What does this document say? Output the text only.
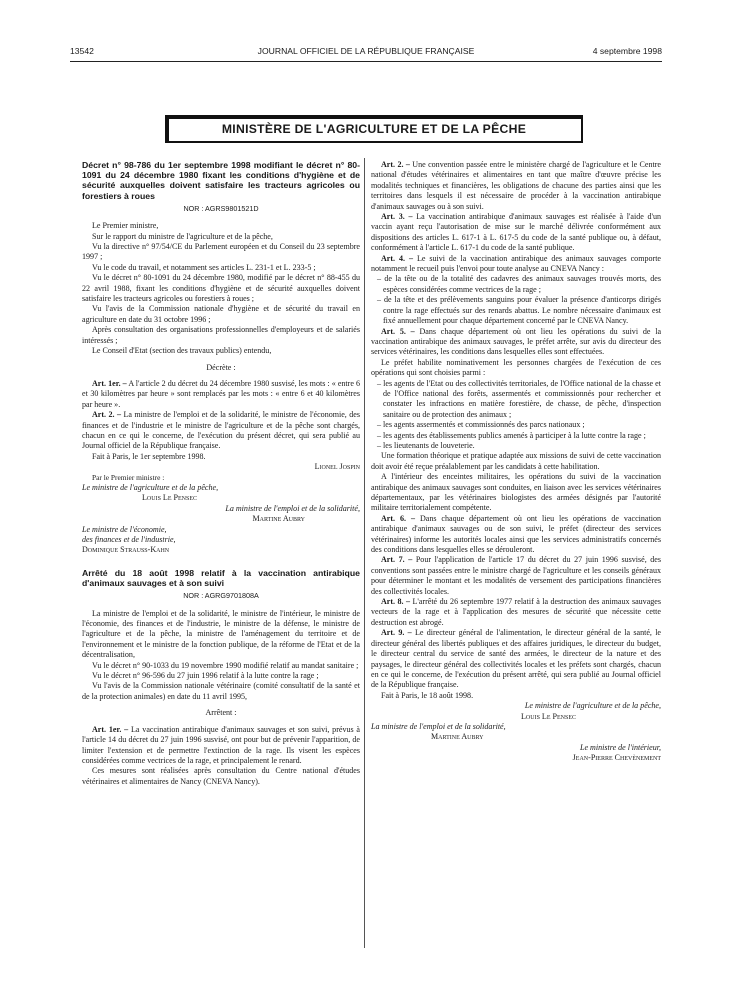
13542	JOURNAL OFFICIEL DE LA RÉPUBLIQUE FRANÇAISE	4 septembre 1998
MINISTÈRE DE L'AGRICULTURE ET DE LA PÊCHE

Décret n° 98-786 du 1er septembre 1998 modifiant le décret n° 80-1091 du 24 décembre 1980 fixant les conditions d'hygiène et de sécurité auxquelles doivent satisfaire les tracteurs agricoles ou forestiers à roues

NOR : AGRS9801521D

Le Premier ministre,

Sur le rapport du ministre de l'agriculture et de la pêche,

Vu la directive n° 97/54/CE du Parlement européen et du Conseil du 23 septembre 1997 ;

Vu le code du travail, et notamment ses articles L. 231-1 et L. 233-5 ;

Vu le décret n° 80-1091 du 24 décembre 1980, modifié par le décret n° 88-455 du 22 avril 1988, fixant les conditions d'hygiène et de sécurité auxquelles doivent satisfaire les tracteurs agricoles ou forestiers à roues ;

Vu l'avis de la Commission nationale d'hygiène et de sécurité du travail en agriculture en date du 31 octobre 1996 ;

Après consultation des organisations professionnelles d'employeurs et de salariés intéressés ;

Le Conseil d'Etat (section des travaux publics) entendu,

Décrète :

Art. 1er. – A l'article 2 du décret du 24 décembre 1980 susvisé, les mots : « entre 6 et 30 kilomètres par heure » sont remplacés par les mots : « entre 6 et 40 kilomètres par heure ».

Art. 2. – La ministre de l'emploi et de la solidarité, le ministre de l'économie, des finances et de l'industrie et le ministre de l'agriculture et de la pêche sont chargés, chacun en ce qui le concerne, de l'exécution du présent décret, qui sera publié au Journal officiel de la République française.

Fait à Paris, le 1er septembre 1998.

Lionel Jospin

Par le Premier ministre :

Le ministre de l'agriculture et de la pêche,

Louis Le Pensec

La ministre de l'emploi et de la solidarité,

Martine Aubry

Le ministre de l'économie,

des finances et de l'industrie,

Dominique Strauss-Kahn

Arrêté du 18 août 1998 relatif à la vaccination antirabique d'animaux sauvages et à son suivi

NOR : AGRG9701808A

La ministre de l'emploi et de la solidarité, le ministre de l'intérieur, le ministre de l'économie, des finances et de l'industrie, le ministre de la défense, le ministre de l'agriculture et de la pêche, la ministre de l'aménagement du territoire et de l'environnement et le ministre de la fonction publique, de la réforme de l'Etat et de la décentralisation,

Vu le décret n° 90-1033 du 19 novembre 1990 modifié relatif au mandat sanitaire ;

Vu le décret n° 96-596 du 27 juin 1996 relatif à la lutte contre la rage ;

Vu l'avis de la Commission nationale vétérinaire (comité consultatif de la santé et de la protection animales) en date du 11 avril 1995,

Arrêtent :

Art. 1er. – La vaccination antirabique d'animaux sauvages et son suivi, prévus à l'article 14 du décret du 27 juin 1996 susvisé, ont pour but de prévenir l'apparition, de limiter l'extension et de permettre l'extinction de la rage. Ils visent les espèces considérées comme vectrices de la rage, et principalement le renard.

Ces mesures sont réalisées après consultation du Centre national d'études vétérinaires et alimentaires de Nancy (CNEVA Nancy).

Art. 2. – Une convention passée entre le ministère chargé de l'agriculture et le Centre national d'études vétérinaires et alimentaires en tant que maître d'œuvre précise les modalités techniques et financières, les obligations de chacune des parties ainsi que les territoires dans lesquels il est nécessaire de procéder à la vaccination antirabique d'animaux sauvages ou à son suivi.

Art. 3. – La vaccination antirabique d'animaux sauvages est réalisée à l'aide d'un vaccin ayant reçu l'autorisation de mise sur le marché délivrée conformément aux dispositions des articles L. 617-1 à L. 617-5 du code de la santé publique ou, à défaut, conformément à l'article L. 617-1 du code de la santé publique.

Art. 4. – Le suivi de la vaccination antirabique des animaux sauvages comporte notamment le recueil puis l'envoi pour toute analyse au CNEVA Nancy :

– de la tête ou de la totalité des cadavres des animaux sauvages trouvés morts, des espèces considérées comme vectrices de la rage ;

– de la tête et des prélèvements sanguins pour évaluer la présence d'anticorps dirigés contre la rage effectués sur des renards abattus. Le nombre nécessaire d'animaux est fixé annuellement pour chaque département concerné par le CNEVA Nancy.

Art. 5. – Dans chaque département où ont lieu les opérations du suivi de la vaccination antirabique des animaux sauvages, le préfet arrête, sur avis du directeur des services vétérinaires, les conditions dans lesquelles elles sont effectuées.

Le préfet habilite nominativement les personnes chargées de l'exécution de ces opérations qui sont choisies parmi :

– les agents de l'Etat ou des collectivités territoriales, de l'Office national de la chasse et de l'Office national des forêts, assermentés et commissionnés pour rechercher et constater les infractions en matière forestière, de chasse, de pêche, d'inspection sanitaire ou de protection des animaux ;

– les agents assermentés et commissionnés des parcs nationaux ;

– les agents des établissements publics amenés à participer à la lutte contre la rage ;

– les lieutenants de louveterie.

Une formation théorique et pratique adaptée aux missions de suivi de cette vaccination doit avoir été reçue préalablement par les candidats à cette habilitation.

A l'intérieur des enceintes militaires, les opérations du suivi de la vaccination antirabique des animaux sauvages sont conduites, en liaison avec les services vétérinaires départementaux, par les vétérinaires biologistes des armées désignés par l'autorité militaire territorialement compétente.

Art. 6. – Dans chaque département où ont lieu les opérations de vaccination antirabique d'animaux sauvages ou de son suivi, le préfet (directeur des services vétérinaires) informe les autorités locales ainsi que les services administratifs concernés des conditions dans lesquelles elles se dérouleront.

Art. 7. – Pour l'application de l'article 17 du décret du 27 juin 1996 susvisé, des conventions sont passées entre le ministre chargé de l'agriculture et les conseils généraux pour déterminer le montant et les modalités de versement des participations financières des collectivités locales.

Art. 8. – L'arrêté du 26 septembre 1977 relatif à la destruction des animaux sauvages vecteurs de la rage et à l'application des mesures de sécurité que nécessite cette destruction est abrogé.

Art. 9. – Le directeur général de l'alimentation, le directeur général de la santé, le directeur général des libertés publiques et des affaires juridiques, le directeur du budget, le directeur central du service de santé des armées, le directeur de la nature et des paysages, le directeur général des collectivités locales et les préfets sont chargés, chacun en ce qui le concerne, de l'exécution du présent arrêté, qui sera publié au Journal officiel de la République française.

Fait à Paris, le 18 août 1998.

Le ministre de l'agriculture et de la pêche,

Louis Le Pensec

La ministre de l'emploi et de la solidarité,

Martine Aubry

Le ministre de l'intérieur,

Jean-Pierre Chevènement
